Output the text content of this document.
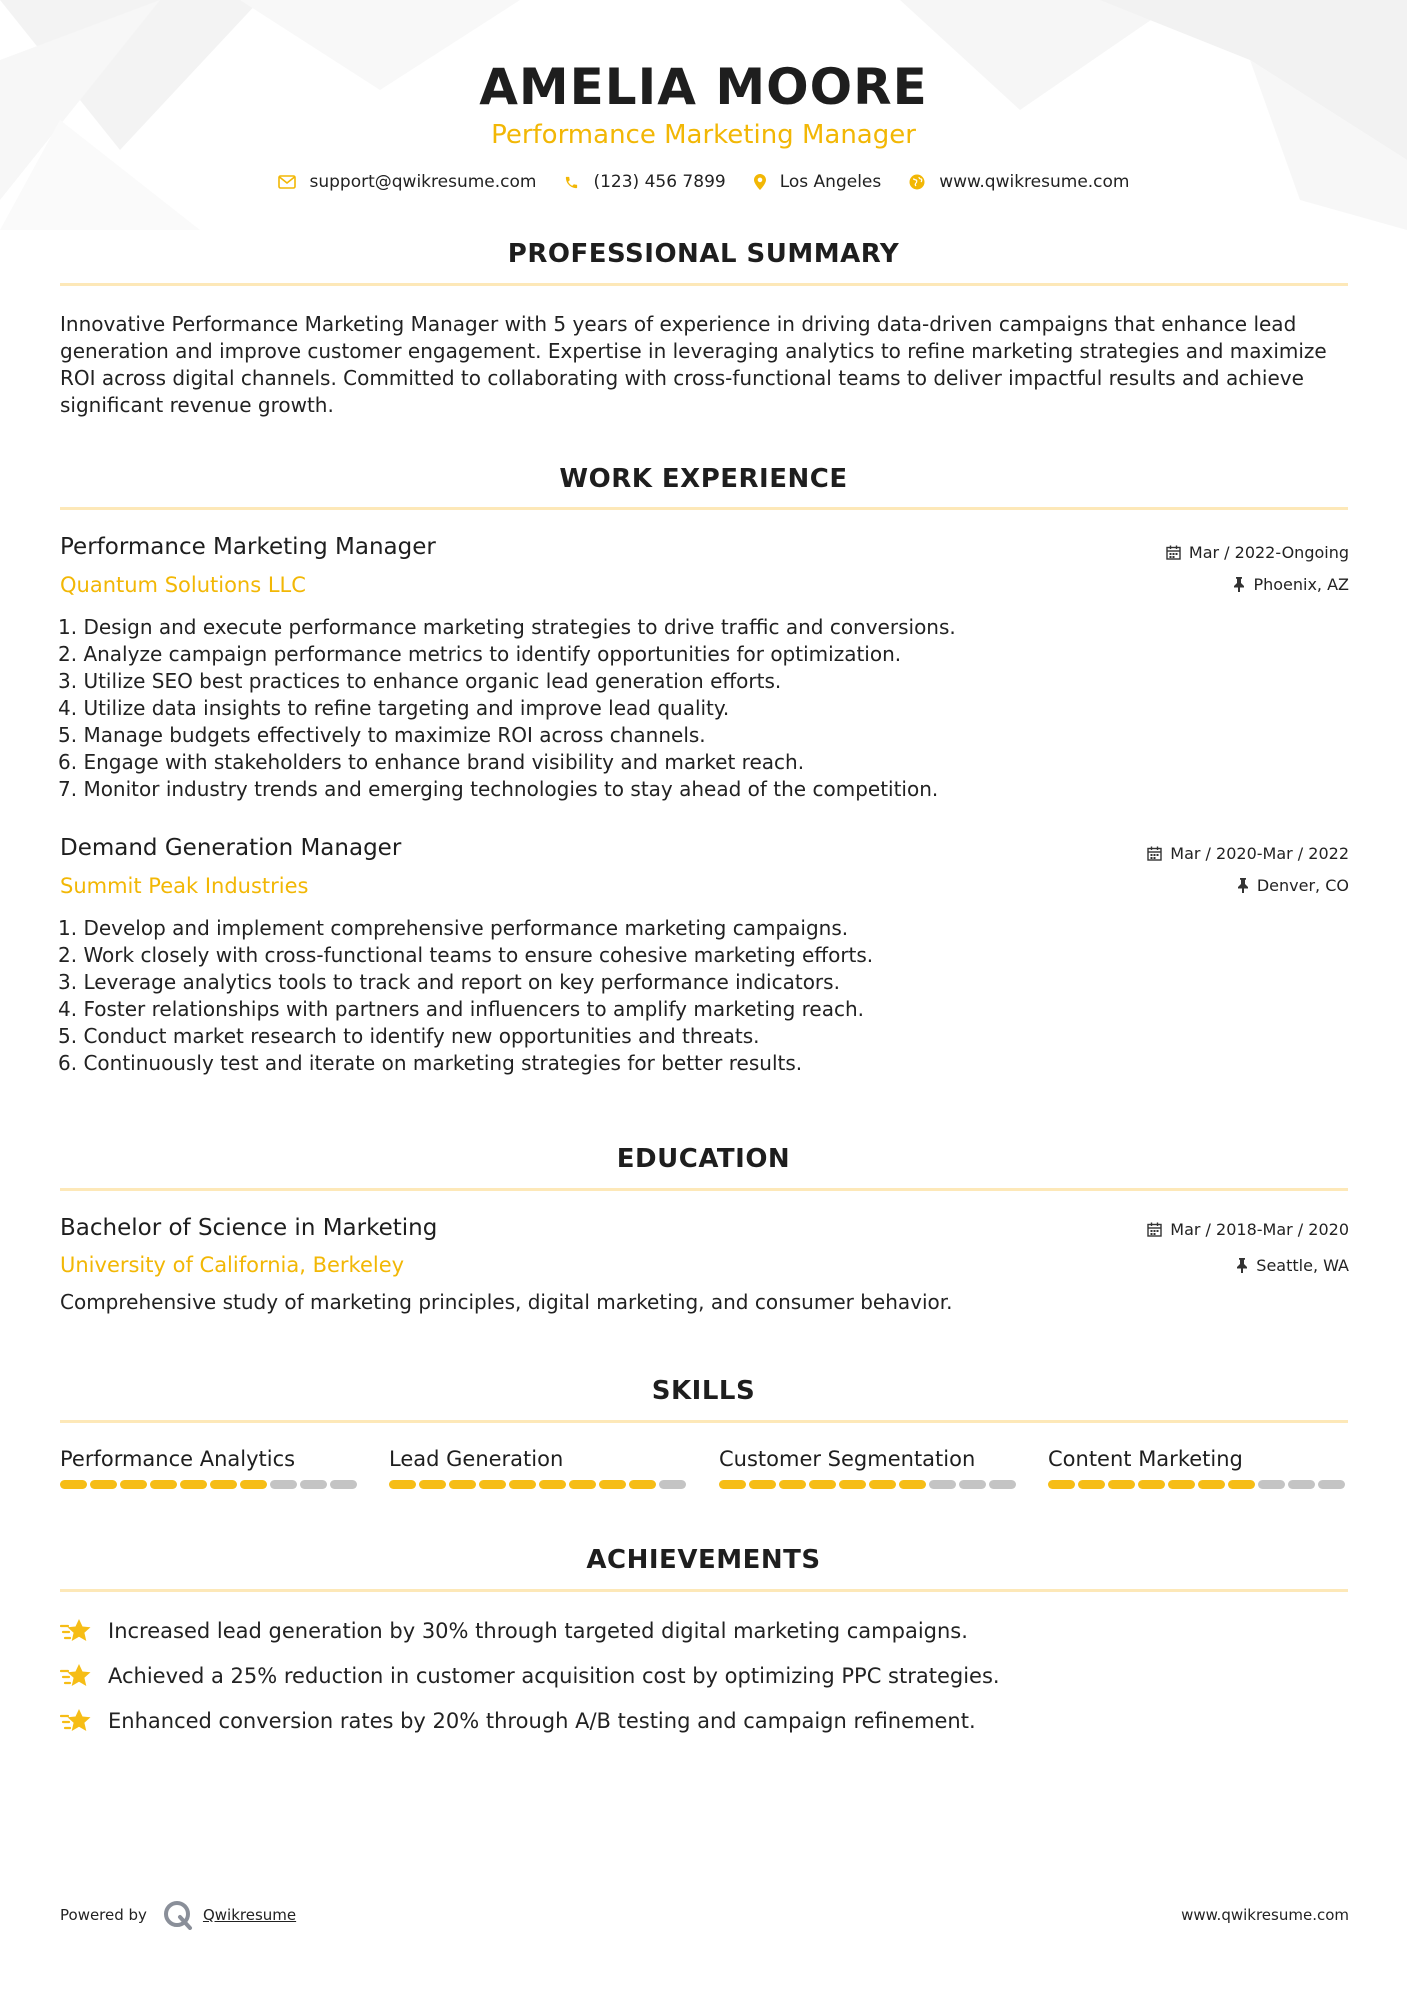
AMELIA MOORE
Performance Marketing Manager
support@qwikresume.com	(123) 456 7899	Los Angeles	www.qwikresume.com
PROFESSIONAL SUMMARY
Innovative Performance Marketing Manager with 5 years of experience in driving data-driven campaigns that enhance lead generation and improve customer engagement. Expertise in leveraging analytics to refine marketing strategies and maximize ROI across digital channels. Committed to collaborating with cross-functional teams to deliver impactful results and achieve significant revenue growth.
WORK EXPERIENCE
Performance Marketing Manager
Quantum Solutions LLC
Mar / 2022-Ongoing
Phoenix, AZ
1. Design and execute performance marketing strategies to drive traffic and conversions.
2. Analyze campaign performance metrics to identify opportunities for optimization.
3. Utilize SEO best practices to enhance organic lead generation efforts.
4. Utilize data insights to refine targeting and improve lead quality.
5. Manage budgets effectively to maximize ROI across channels.
6. Engage with stakeholders to enhance brand visibility and market reach.
7. Monitor industry trends and emerging technologies to stay ahead of the competition.
Demand Generation Manager
Summit Peak Industries
Mar / 2020-Mar / 2022
Denver, CO
1. Develop and implement comprehensive performance marketing campaigns.
2. Work closely with cross-functional teams to ensure cohesive marketing efforts.
3. Leverage analytics tools to track and report on key performance indicators.
4. Foster relationships with partners and influencers to amplify marketing reach.
5. Conduct market research to identify new opportunities and threats.
6. Continuously test and iterate on marketing strategies for better results.
EDUCATION
Bachelor of Science in Marketing
University of California, Berkeley
Mar / 2018-Mar / 2020
Seattle, WA
Comprehensive study of marketing principles, digital marketing, and consumer behavior.
SKILLS
Performance Analytics	Lead Generation	Customer Segmentation	Content Marketing
ACHIEVEMENTS
Increased lead generation by 30% through targeted digital marketing campaigns.
Achieved a 25% reduction in customer acquisition cost by optimizing PPC strategies.
Enhanced conversion rates by 20% through A/B testing and campaign refinement.
Powered by	Qwikresume	www.qwikresume.com
